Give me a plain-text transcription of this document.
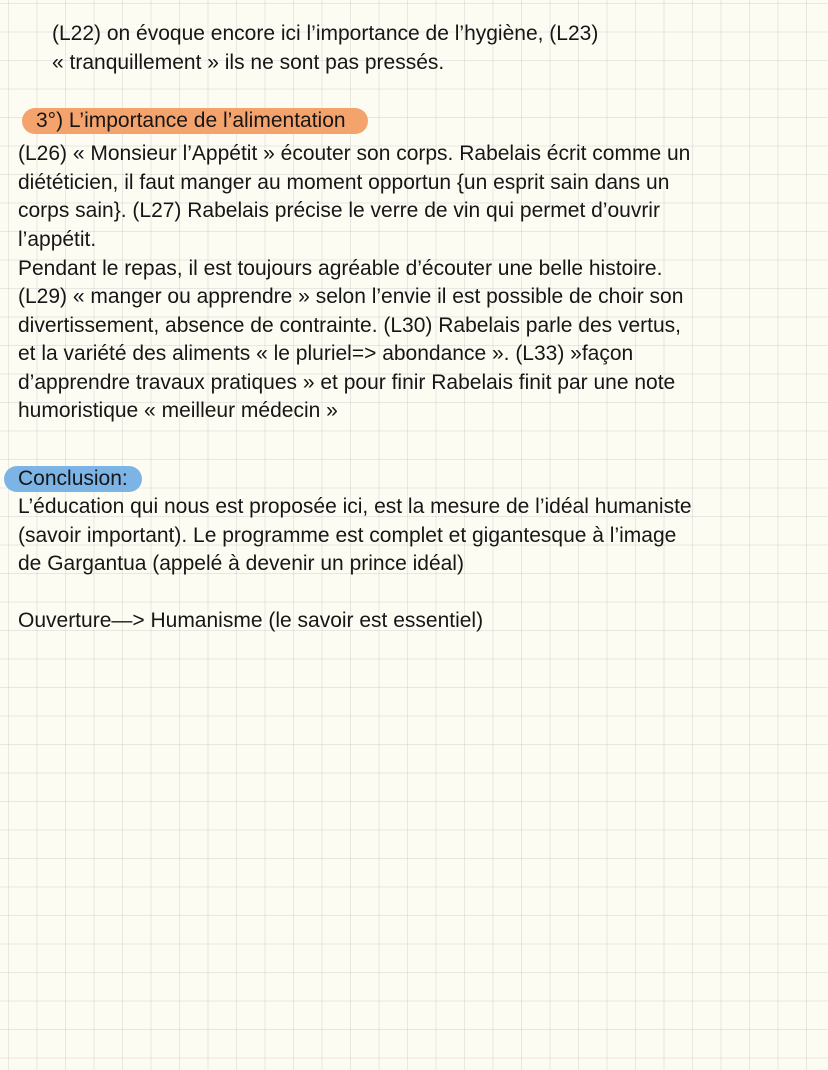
(L22) on évoque encore ici l’importance de l’hygiène, (L23)

« tranquillement » ils ne sont pas pressés.

3°) L’importance de l’alimentation

(L26) « Monsieur l’Appétit » écouter son corps. Rabelais écrit comme un

diététicien, il faut manger au moment opportun {un esprit sain dans un

corps sain}. (L27) Rabelais précise le verre de vin qui permet d’ouvrir

l’appétit.

Pendant le repas, il est toujours agréable d’écouter une belle histoire.

(L29) « manger ou apprendre » selon l’envie il est possible de choir son

divertissement, absence de contrainte. (L30) Rabelais parle des vertus,

et la variété des aliments « le pluriel=> abondance ». (L33) »façon

d’apprendre travaux pratiques » et pour finir Rabelais finit par une note

humoristique « meilleur médecin »

Conclusion:

L’éducation qui nous est proposée ici, est la mesure de l’idéal humaniste

(savoir important). Le programme est complet et gigantesque à l’image

de Gargantua (appelé à devenir un prince idéal)

Ouverture—> Humanisme (le savoir est essentiel)
